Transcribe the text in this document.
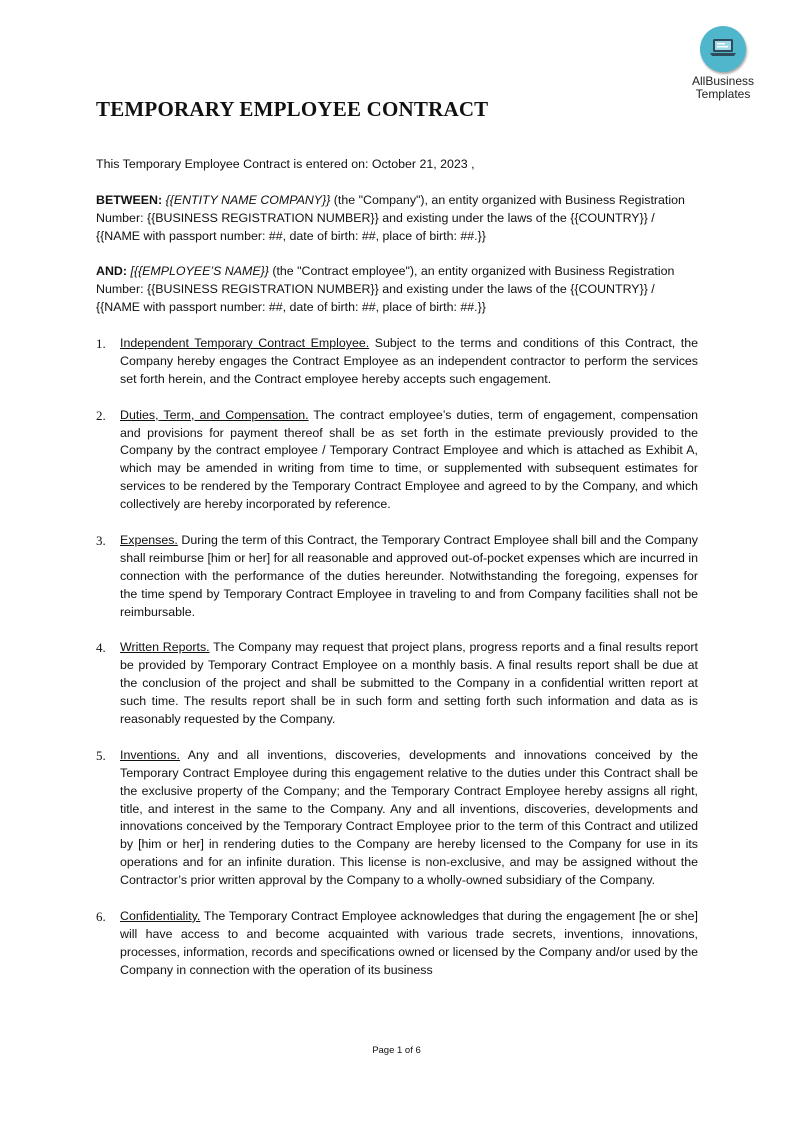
AllBusiness
Templates
TEMPORARY EMPLOYEE CONTRACT

This Temporary Employee Contract is entered on: October 21, 2023 ,

BETWEEN: {{ENTITY NAME COMPANY}} (the "Company"), an entity organized with Business Registration Number: {{BUSINESS REGISTRATION NUMBER}} and existing under the laws of the {{COUNTRY}} / {{NAME with passport number: ##, date of birth: ##, place of birth: ##.}}

AND: [{{EMPLOYEE’S NAME}} (the "Contract employee"), an entity organized with Business Registration Number: {{BUSINESS REGISTRATION NUMBER}} and existing under the laws of the {{COUNTRY}} / {{NAME with passport number: ##, date of birth: ##, place of birth: ##.}}

1. Independent Temporary Contract Employee. Subject to the terms and conditions of this Contract, the Company hereby engages the Contract Employee as an independent contractor to perform the services set forth herein, and the Contract employee hereby accepts such engagement.
2. Duties, Term, and Compensation. The contract employee’s duties, term of engagement, compensation and provisions for payment thereof shall be as set forth in the estimate previously provided to the Company by the contract employee / Temporary Contract Employee and which is attached as Exhibit A, which may be amended in writing from time to time, or supplemented with subsequent estimates for services to be rendered by the Temporary Contract Employee and agreed to by the Company, and which collectively are hereby incorporated by reference.
3. Expenses. During the term of this Contract, the Temporary Contract Employee shall bill and the Company shall reimburse [him or her] for all reasonable and approved out-of-pocket expenses which are incurred in connection with the performance of the duties hereunder. Notwithstanding the foregoing, expenses for the time spend by Temporary Contract Employee in traveling to and from Company facilities shall not be reimbursable.
4. Written Reports. The Company may request that project plans, progress reports and a final results report be provided by Temporary Contract Employee on a monthly basis. A final results report shall be due at the conclusion of the project and shall be submitted to the Company in a confidential written report at such time. The results report shall be in such form and setting forth such information and data as is reasonably requested by the Company.
5. Inventions. Any and all inventions, discoveries, developments and innovations conceived by the Temporary Contract Employee during this engagement relative to the duties under this Contract shall be the exclusive property of the Company; and the Temporary Contract Employee hereby assigns all right, title, and interest in the same to the Company. Any and all inventions, discoveries, developments and innovations conceived by the Temporary Contract Employee prior to the term of this Contract and utilized by [him or her] in rendering duties to the Company are hereby licensed to the Company for use in its operations and for an infinite duration. This license is non-exclusive, and may be assigned without the Contractor’s prior written approval by the Company to a wholly-owned subsidiary of the Company.
6. Confidentiality. The Temporary Contract Employee acknowledges that during the engagement [he or she] will have access to and become acquainted with various trade secrets, inventions, innovations, processes, information, records and specifications owned or licensed by the Company and/or used by the Company in connection with the operation of its business
Page 1 of 6
